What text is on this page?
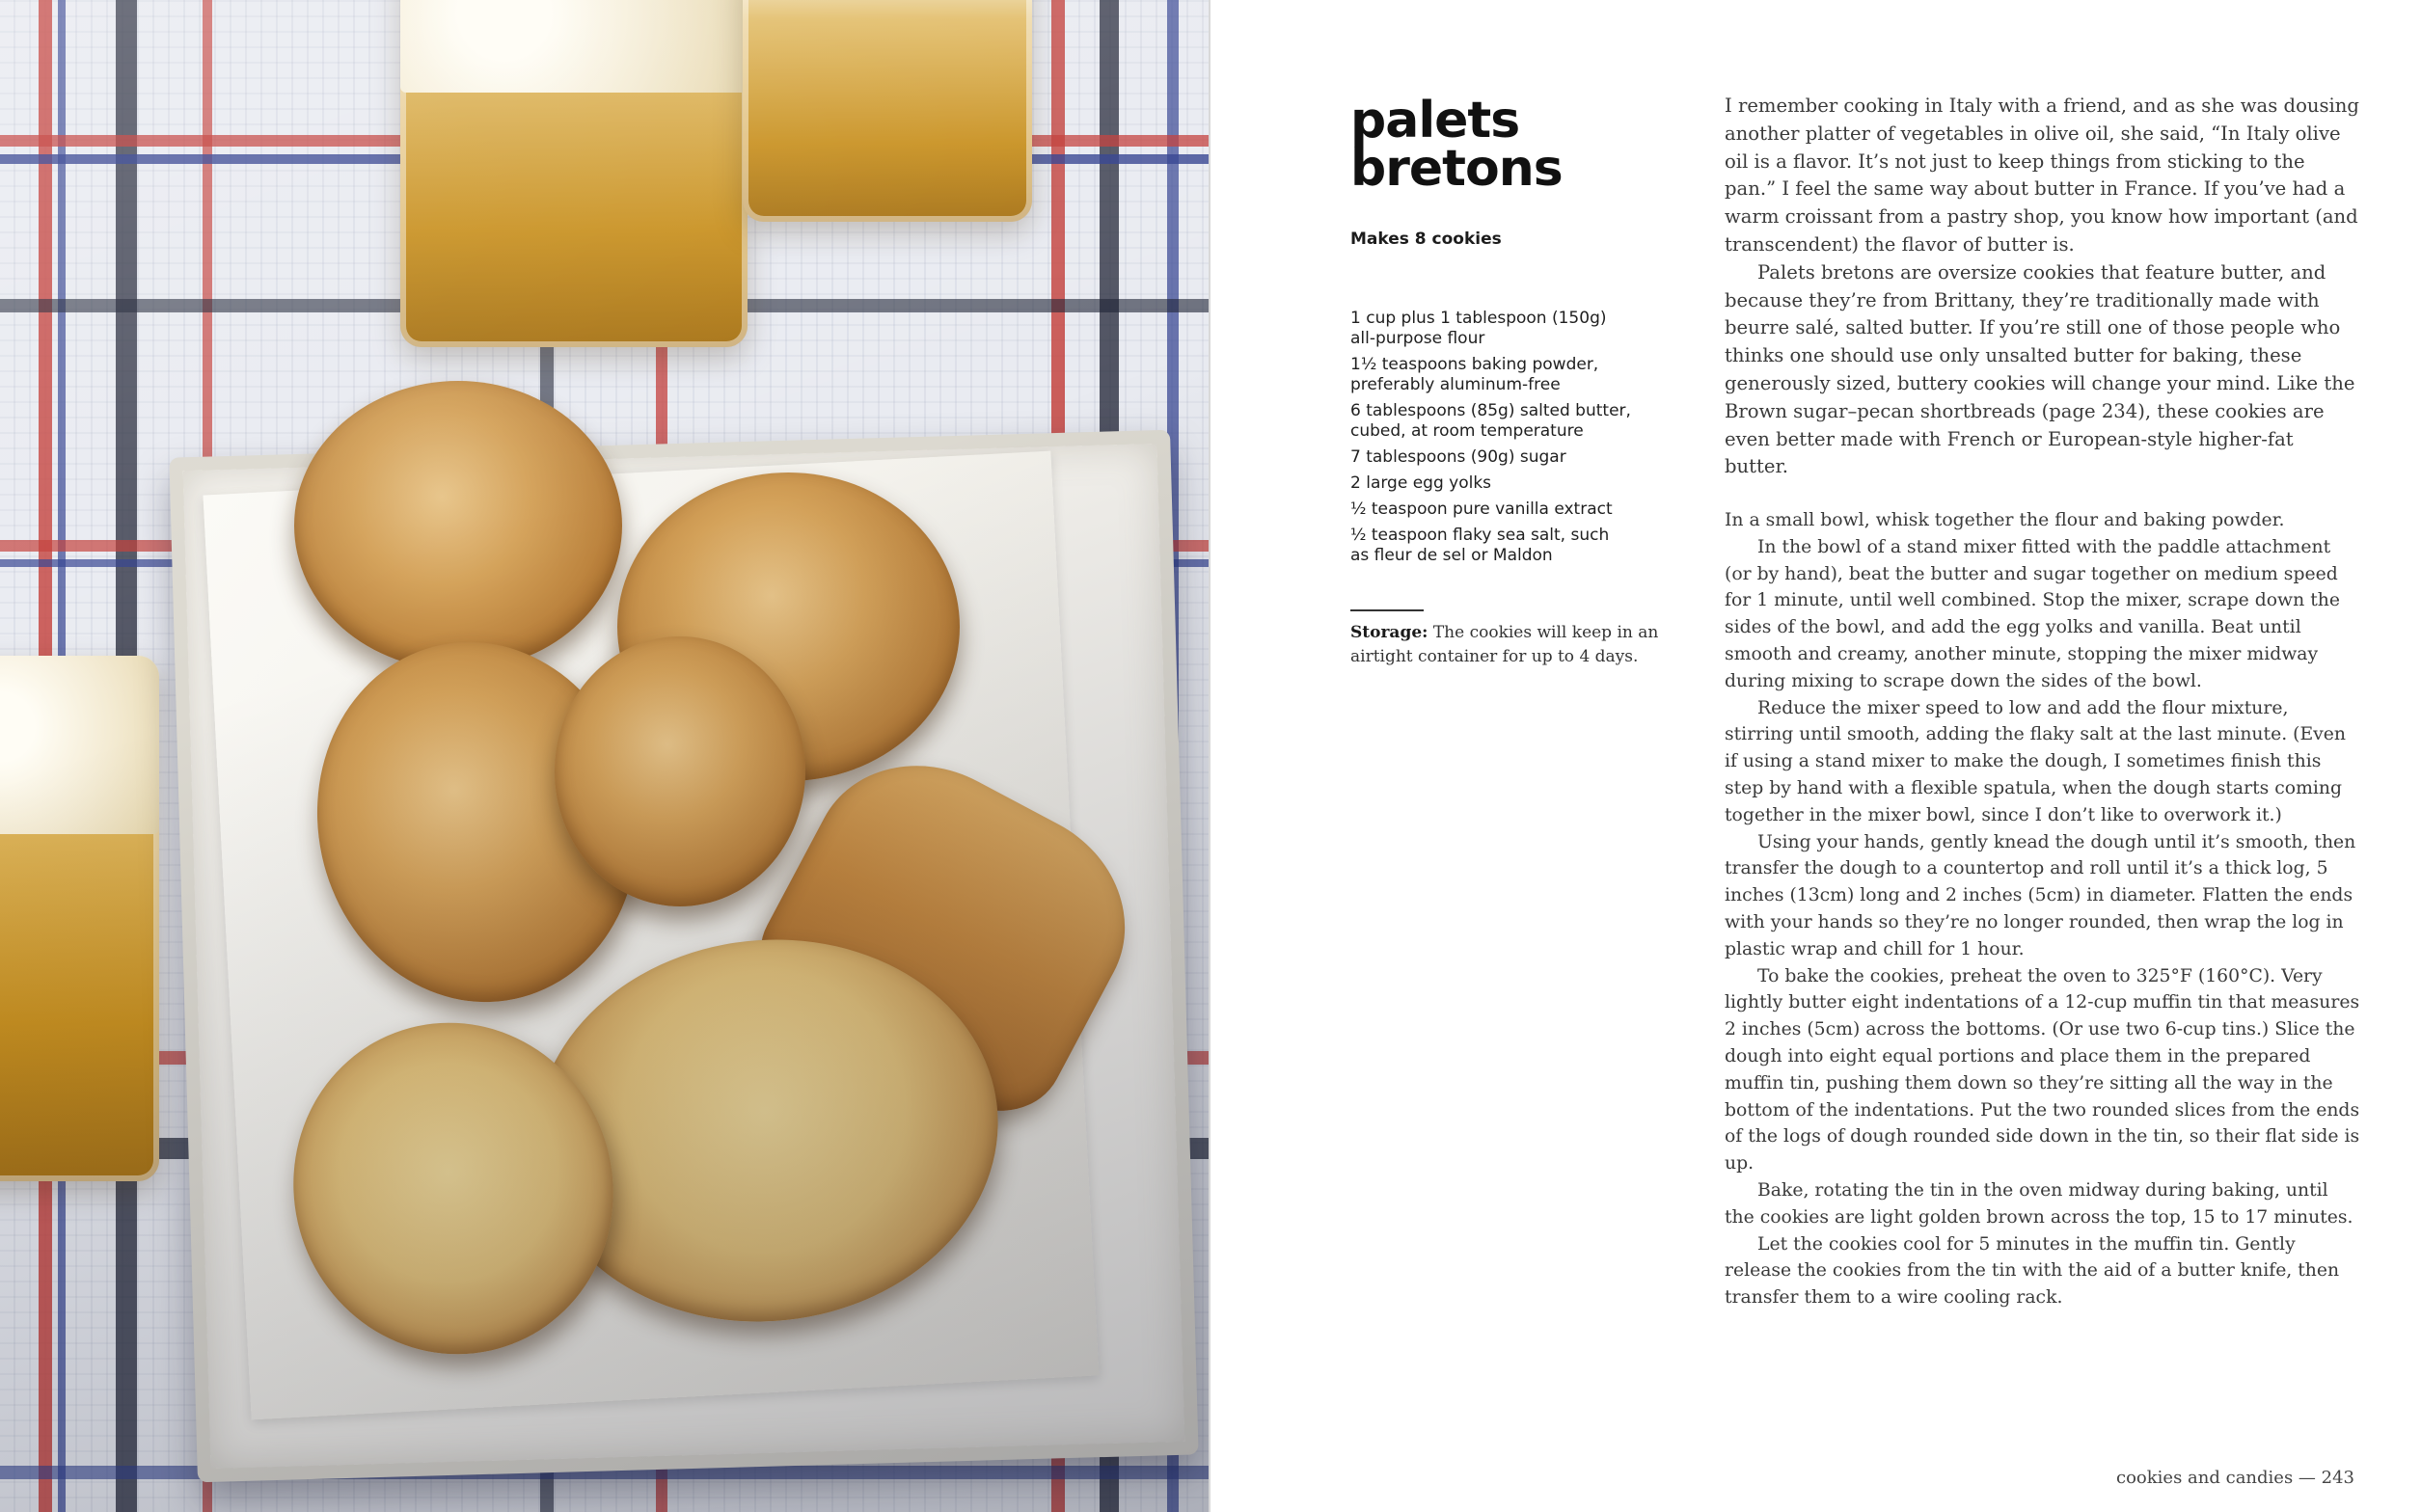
palets bretons
Makes 8 cookies
1 cup plus 1 tablespoon (150g)
all-purpose flour
1½ teaspoons baking powder,
preferably aluminum-free
6 tablespoons (85g) salted butter,
cubed, at room temperature
7 tablespoons (90g) sugar
2 large egg yolks
½ teaspoon pure vanilla extract
½ teaspoon flaky sea salt, such
as fleur de sel or Maldon
Storage: The cookies will keep in an airtight container for up to 4 days.

I remember cooking in Italy with a friend, and as she was dousing another platter of vegetables in olive oil, she said, “In Italy olive oil is a flavor. It’s not just to keep things from sticking to the pan.” I feel the same way about butter in France. If you’ve had a warm croissant from a pastry shop, you know how important (and transcendent) the flavor of butter is.

Palets bretons are oversize cookies that feature butter, and because they’re from Brittany, they’re traditionally made with beurre salé, salted butter. If you’re still one of those people who thinks one should use only unsalted butter for baking, these generously sized, buttery cookies will change your mind. Like the Brown sugar–pecan shortbreads (page 234), these cookies are even better made with French or European-style higher-fat butter.

In a small bowl, whisk together the flour and baking powder.

In the bowl of a stand mixer fitted with the paddle attachment (or by hand), beat the butter and sugar together on medium speed for 1 minute, until well combined. Stop the mixer, scrape down the sides of the bowl, and add the egg yolks and vanilla. Beat until smooth and creamy, another minute, stopping the mixer midway during mixing to scrape down the sides of the bowl.

Reduce the mixer speed to low and add the flour mixture, stirring until smooth, adding the flaky salt at the last minute. (Even if using a stand mixer to make the dough, I sometimes finish this step by hand with a flexible spatula, when the dough starts coming together in the mixer bowl, since I don’t like to overwork it.)

Using your hands, gently knead the dough until it’s smooth, then transfer the dough to a countertop and roll until it’s a thick log, 5 inches (13cm) long and 2 inches (5cm) in diameter. Flatten the ends with your hands so they’re no longer rounded, then wrap the log in plastic wrap and chill for 1 hour.

To bake the cookies, preheat the oven to 325°F (160°C). Very lightly butter eight indentations of a 12-cup muffin tin that measures 2 inches (5cm) across the bottoms. (Or use two 6-cup tins.) Slice the dough into eight equal portions and place them in the prepared muffin tin, pushing them down so they’re sitting all the way in the bottom of the indentations. Put the two rounded slices from the ends of the logs of dough rounded side down in the tin, so their flat side is up.

Bake, rotating the tin in the oven midway during baking, until the cookies are light golden brown across the top, 15 to 17 minutes.

Let the cookies cool for 5 minutes in the muffin tin. Gently release the cookies from the tin with the aid of a butter knife, then transfer them to a wire cooling rack.

cookies and candies — 243
